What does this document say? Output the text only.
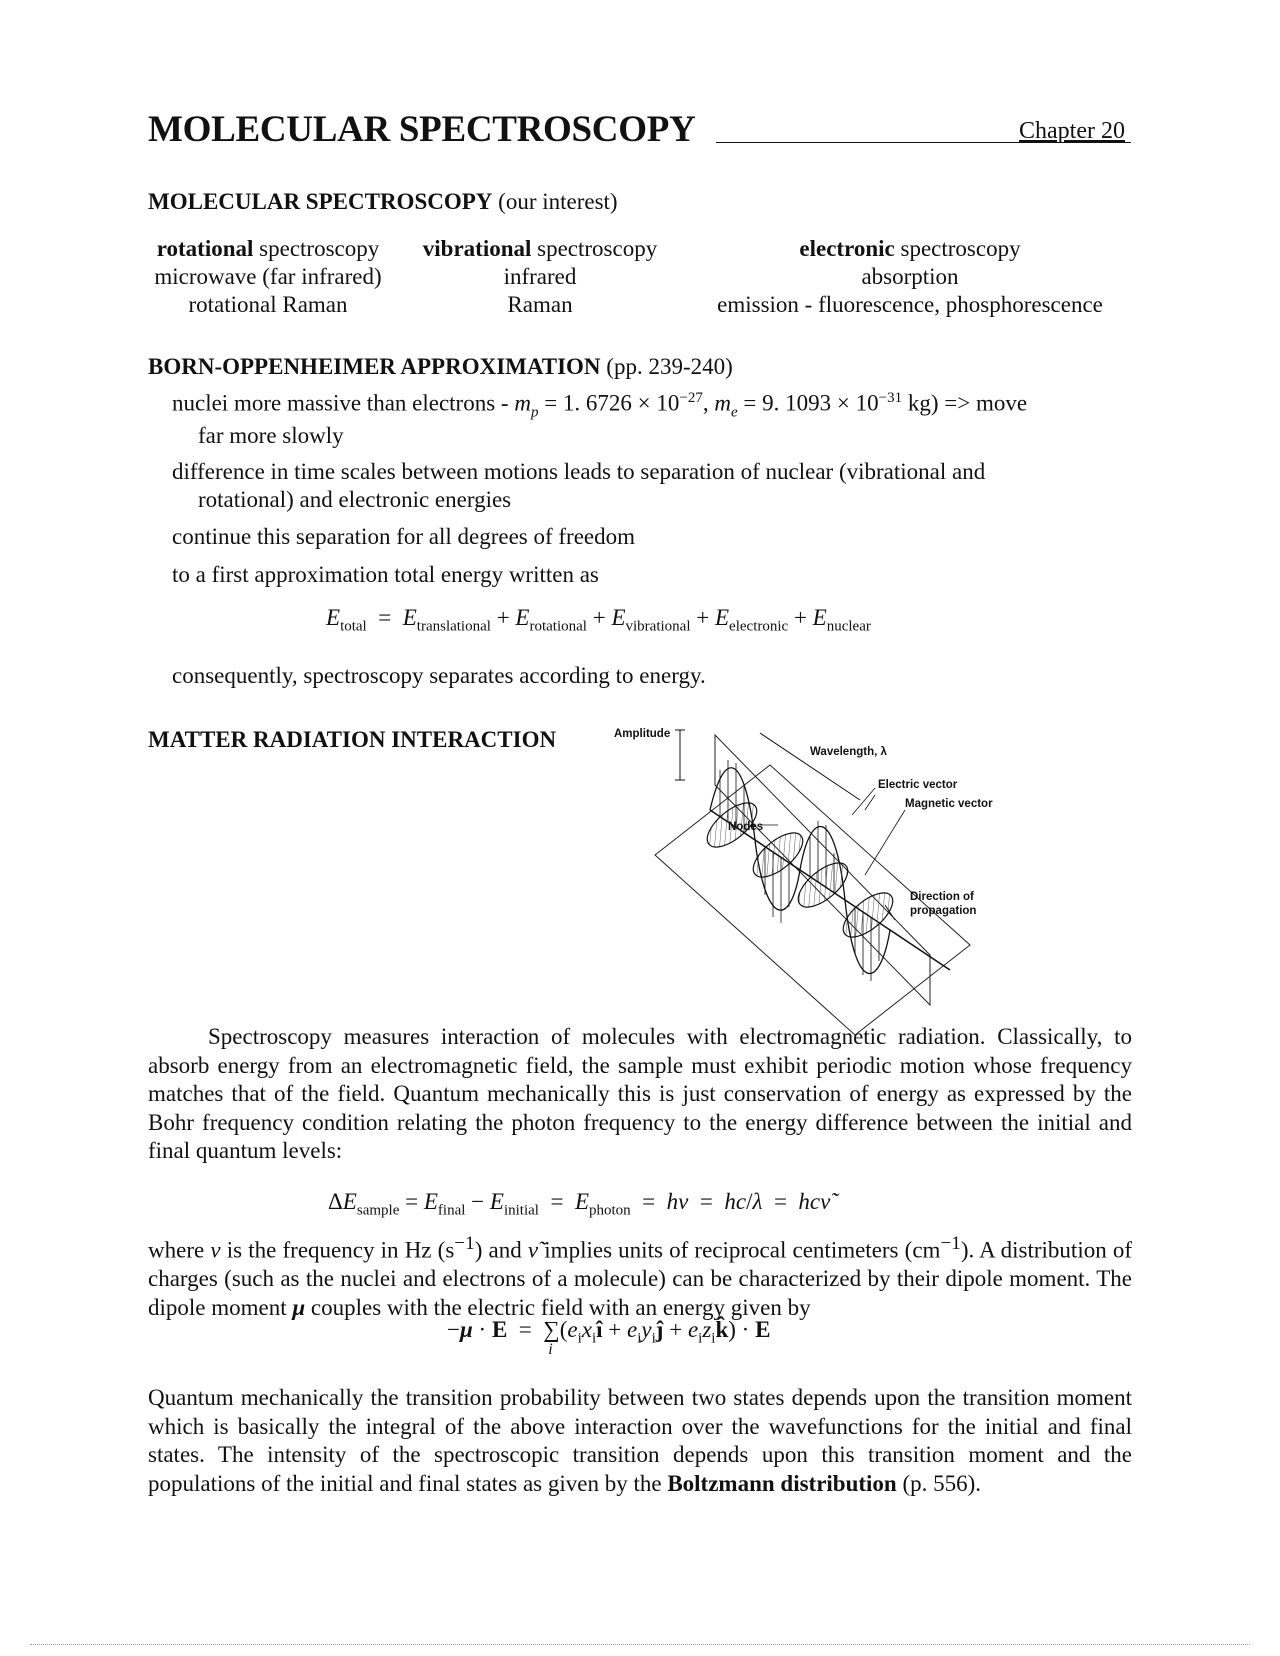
MOLECULAR SPECTROSCOPY	Chapter 20
MOLECULAR SPECTROSCOPY (our interest)
rotational spectroscopy
microwave (far infrared)
rotational Raman
vibrational spectroscopy
infrared
Raman
electronic spectroscopy
absorption
emission - fluorescence, phosphorescence
BORN-OPPENHEIMER APPROXIMATION (pp. 239-240)
nuclei more massive than electrons - $m_p = 1$. $6726 \times 10^{-27}$, $m_e = 9$. $1093 \times 10^{-31}$ kg) => move
far more slowly
difference in time scales between motions leads to separation of nuclear (vibrational and
rotational) and electronic energies
continue this separation for all degrees of freedom
to a first approximation total energy written as
$E_{total} = E_{translational} + E_{rotational} + E_{vibrational} + E_{electronic} + E_{nuclear}$
consequently, spectroscopy separates according to energy.
MATTER RADIATION INTERACTION	Amplitude
Wavelength, λ
Electric vector
Magnetic vector
Nodes
Direction of
propagation
Spectroscopy measures interaction of molecules with electromagnetic radiation. Classically, to absorb energy from an electromagnetic field, the sample must exhibit periodic motion whose frequency matches that of the field. Quantum mechanically this is just conservation of energy as expressed by the Bohr frequency condition relating the photon frequency to the energy difference between the initial and final quantum levels:
$\Delta E_{sample} = E_{final} - E_{initial} = E_{photon} = h\nu = hc/\lambda$  =  hcν̃
where ν is the frequency in Hz $(s^{-1})$ and ν̃ implies units of reciprocal centimeters $(cm^{-1})$. A distribution of charges (such as the nuclei and electrons of a molecule) can be characterized by their dipole moment. The dipole moment μ couples with the electric field with an energy given by
−μ · E  =  ∑
i
($e_ix_iî$ + $e_iy_iĵ$ + $e_iz_ik̂) \cdot E$
Quantum mechanically the transition probability between two states depends upon the transition moment which is basically the integral of the above interaction over the wavefunctions for the initial and final states. The intensity of the spectroscopic transition depends upon this transition moment and the populations of the initial and final states as given by the Boltzmann distribution (p. 556).
